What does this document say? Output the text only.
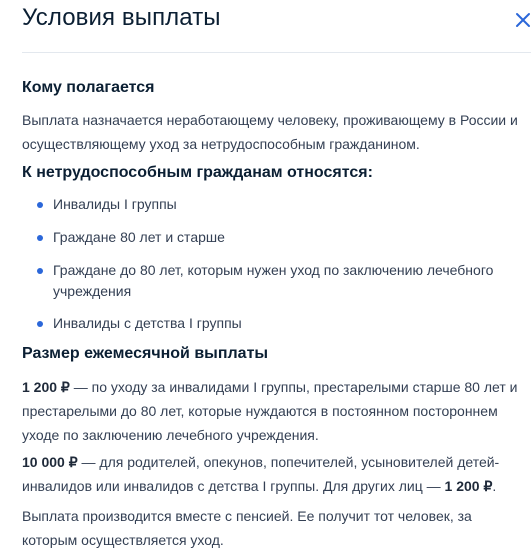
Условия выплаты
Кому полагается

Выплата назначается неработающему человеку, проживающему в России и осуществляющему уход за нетрудоспособным гражданином.

К нетрудоспособным гражданам относятся:
Инвалиды I группы
Граждане 80 лет и старше
Граждане до 80 лет, которым нужен уход по заключению лечебного учреждения
Инвалиды с детства I группы
Размер ежемесячной выплаты

1 200 ₽ — по уходу за инвалидами I группы, престарелыми старше 80 лет и престарелыми до 80 лет, которые нуждаются в постоянном постороннем уходе по заключению лечебного учреждения.

10 000 ₽ — для родителей, опекунов, попечителей, усыновителей детей-инвалидов или инвалидов с детства I группы. Для других лиц — 1 200 ₽.

Выплата производится вместе с пенсией. Ее получит тот человек, за которым осуществляется уход.
